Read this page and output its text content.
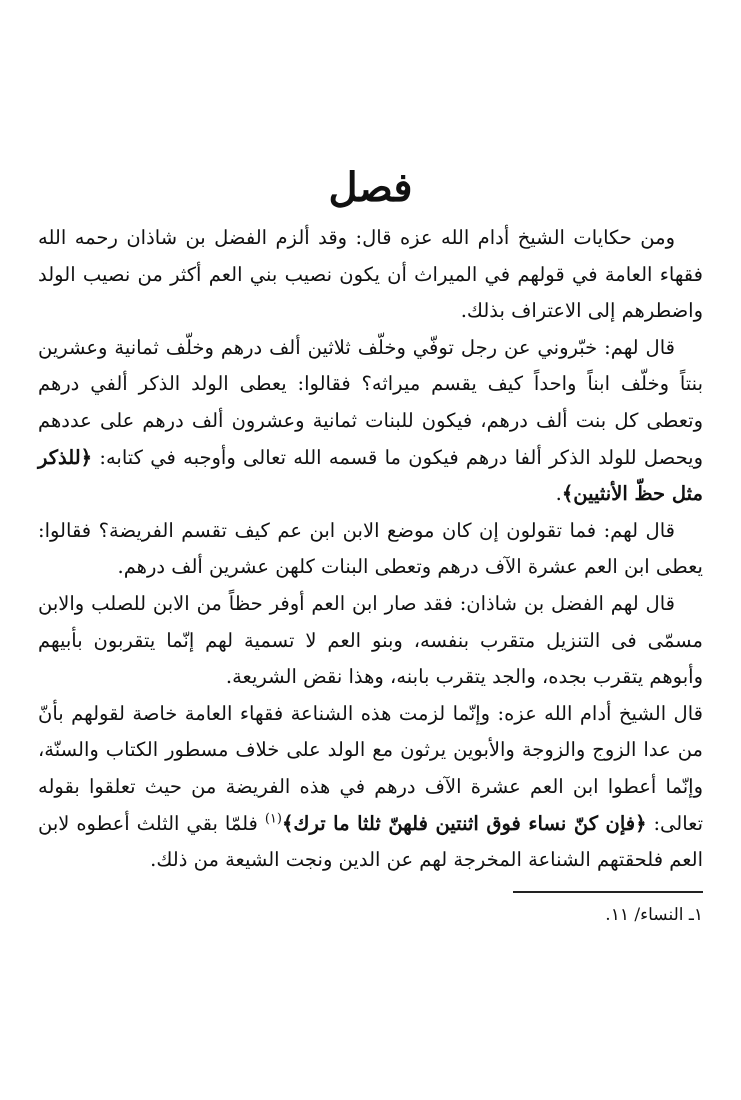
فصل

ومن حكايات الشيخ أدام الله عزه قال: وقد ألزم الفضل بن شاذان رحمه الله فقهاء العامة في قولهم في الميراث أن يكون نصيب بني العم أكثر من نصيب الولد واضطرهم إلى الاعتراف بذلك.

قال لهم: خبّروني عن رجل توفّي وخلّف ثلاثين ألف درهم وخلّف ثمانية وعشرين بنتاً وخلّف ابناً واحداً كيف يقسم ميراثه؟ فقالوا: يعطى الولد الذكر ألفي درهم وتعطى كل بنت ألف درهم، فيكون للبنات ثمانية وعشرون ألف درهم على عددهم ويحصل للولد الذكر ألفا درهم فيكون ما قسمه الله تعالى وأوجبه في كتابه: ﴿للذكر مثل حظّ الأنثيين﴾.

قال لهم: فما تقولون إن كان موضع الابن ابن عم كيف تقسم الفريضة؟ فقالوا: يعطى ابن العم عشرة الآف درهم وتعطى البنات كلهن عشرين ألف درهم.

قال لهم الفضل بن شاذان: فقد صار ابن العم أوفر حظاً من الابن للصلب والابن مسمّى فى التنزيل متقرب بنفسه، وبنو العم لا تسمية لهم إنّما يتقربون بأبيهم وأبوهم يتقرب بجده، والجد يتقرب بابنه، وهذا نقض الشريعة.

قال الشيخ أدام الله عزه: وإنّما لزمت هذه الشناعة فقهاء العامة خاصة لقولهم بأنّ من عدا الزوج والزوجة والأبوين يرثون مع الولد على خلاف مسطور الكتاب والسنّة، وإنّما أعطوا ابن العم عشرة الآف درهم في هذه الفريضة من حيث تعلقوا بقوله تعالى: ﴿فإن كنّ نساء فوق اثنتين فلهنّ ثلثا ما ترك﴾$^{(١)}$ فلمّا بقي الثلث أعطوه لابن العم فلحقتهم الشناعة المخرجة لهم عن الدين ونجت الشيعة من ذلك.

١ـ النساء/ ١١.
